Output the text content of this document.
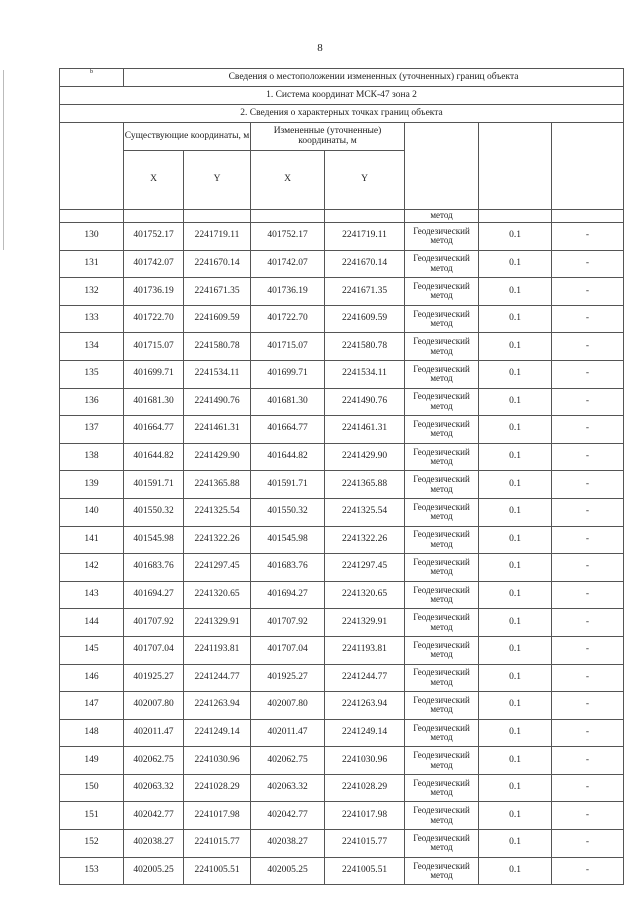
8
b	Сведения о местоположении измененных (уточненных) границ объекта						
1. Система координат МСК-47 зона 2							
2. Сведения о характерных точках границ объекта							
	Существующие координаты, м		Измененные (уточненные) координаты, м				
	X	Y	X	Y			
					метод		
130	401752.17	2241719.11	401752.17	2241719.11	Геодезический метод	0.1	-
131	401742.07	2241670.14	401742.07	2241670.14	Геодезический метод	0.1	-
132	401736.19	2241671.35	401736.19	2241671.35	Геодезический метод	0.1	-
133	401722.70	2241609.59	401722.70	2241609.59	Геодезический метод	0.1	-
134	401715.07	2241580.78	401715.07	2241580.78	Геодезический метод	0.1	-
135	401699.71	2241534.11	401699.71	2241534.11	Геодезический метод	0.1	-
136	401681.30	2241490.76	401681.30	2241490.76	Геодезический метод	0.1	-
137	401664.77	2241461.31	401664.77	2241461.31	Геодезический метод	0.1	-
138	401644.82	2241429.90	401644.82	2241429.90	Геодезический метод	0.1	-
139	401591.71	2241365.88	401591.71	2241365.88	Геодезический метод	0.1	-
140	401550.32	2241325.54	401550.32	2241325.54	Геодезический метод	0.1	-
141	401545.98	2241322.26	401545.98	2241322.26	Геодезический метод	0.1	-
142	401683.76	2241297.45	401683.76	2241297.45	Геодезический метод	0.1	-
143	401694.27	2241320.65	401694.27	2241320.65	Геодезический метод	0.1	-
144	401707.92	2241329.91	401707.92	2241329.91	Геодезический метод	0.1	-
145	401707.04	2241193.81	401707.04	2241193.81	Геодезический метод	0.1	-
146	401925.27	2241244.77	401925.27	2241244.77	Геодезический метод	0.1	-
147	402007.80	2241263.94	402007.80	2241263.94	Геодезический метод	0.1	-
148	402011.47	2241249.14	402011.47	2241249.14	Геодезический метод	0.1	-
149	402062.75	2241030.96	402062.75	2241030.96	Геодезический метод	0.1	-
150	402063.32	2241028.29	402063.32	2241028.29	Геодезический метод	0.1	-
151	402042.77	2241017.98	402042.77	2241017.98	Геодезический метод	0.1	-
152	402038.27	2241015.77	402038.27	2241015.77	Геодезический метод	0.1	-
153	402005.25	2241005.51	402005.25	2241005.51	Геодезический метод	0.1	-
